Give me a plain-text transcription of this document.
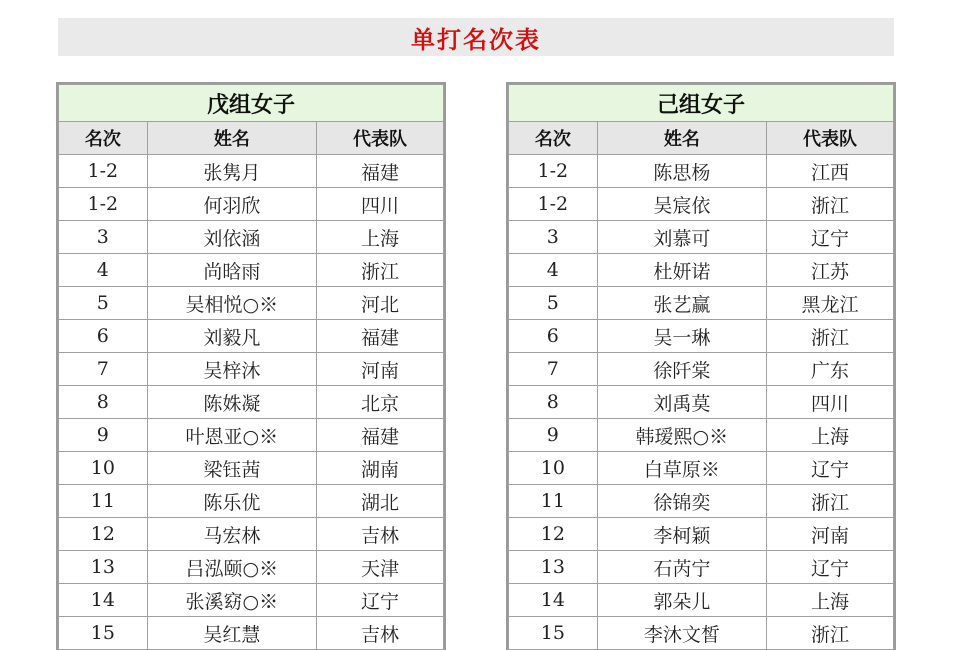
单打名次表
戊组女子		
名次	姓名	代表队
1-2	张隽月	福建
1-2	何羽欣	四川
3	刘依涵	上海
4	尚晗雨	浙江
5	吴相悦○※	河北
6	刘毅凡	福建
7	吴梓沐	河南
8	陈姝凝	北京
9	叶恩亚○※	福建
10	梁钰茜	湖南
11	陈乐优	湖北
12	马宏林	吉林
13	吕泓颐○※	天津
14	张溪窈○※	辽宁
15	吴红慧	吉林
己组女子		
名次	姓名	代表队
1-2	陈思杨	江西
1-2	吴宸依	浙江
3	刘慕可	辽宁
4	杜妍诺	江苏
5	张艺赢	黑龙江
6	吴一琳	浙江
7	徐阡棠	广东
8	刘禹莫	四川
9	韩瑷熙○※	上海
10	白草原※	辽宁
11	徐锦奕	浙江
12	李柯颖	河南
13	石芮宁	辽宁
14	郭朵儿	上海
15	李沐文皙	浙江
